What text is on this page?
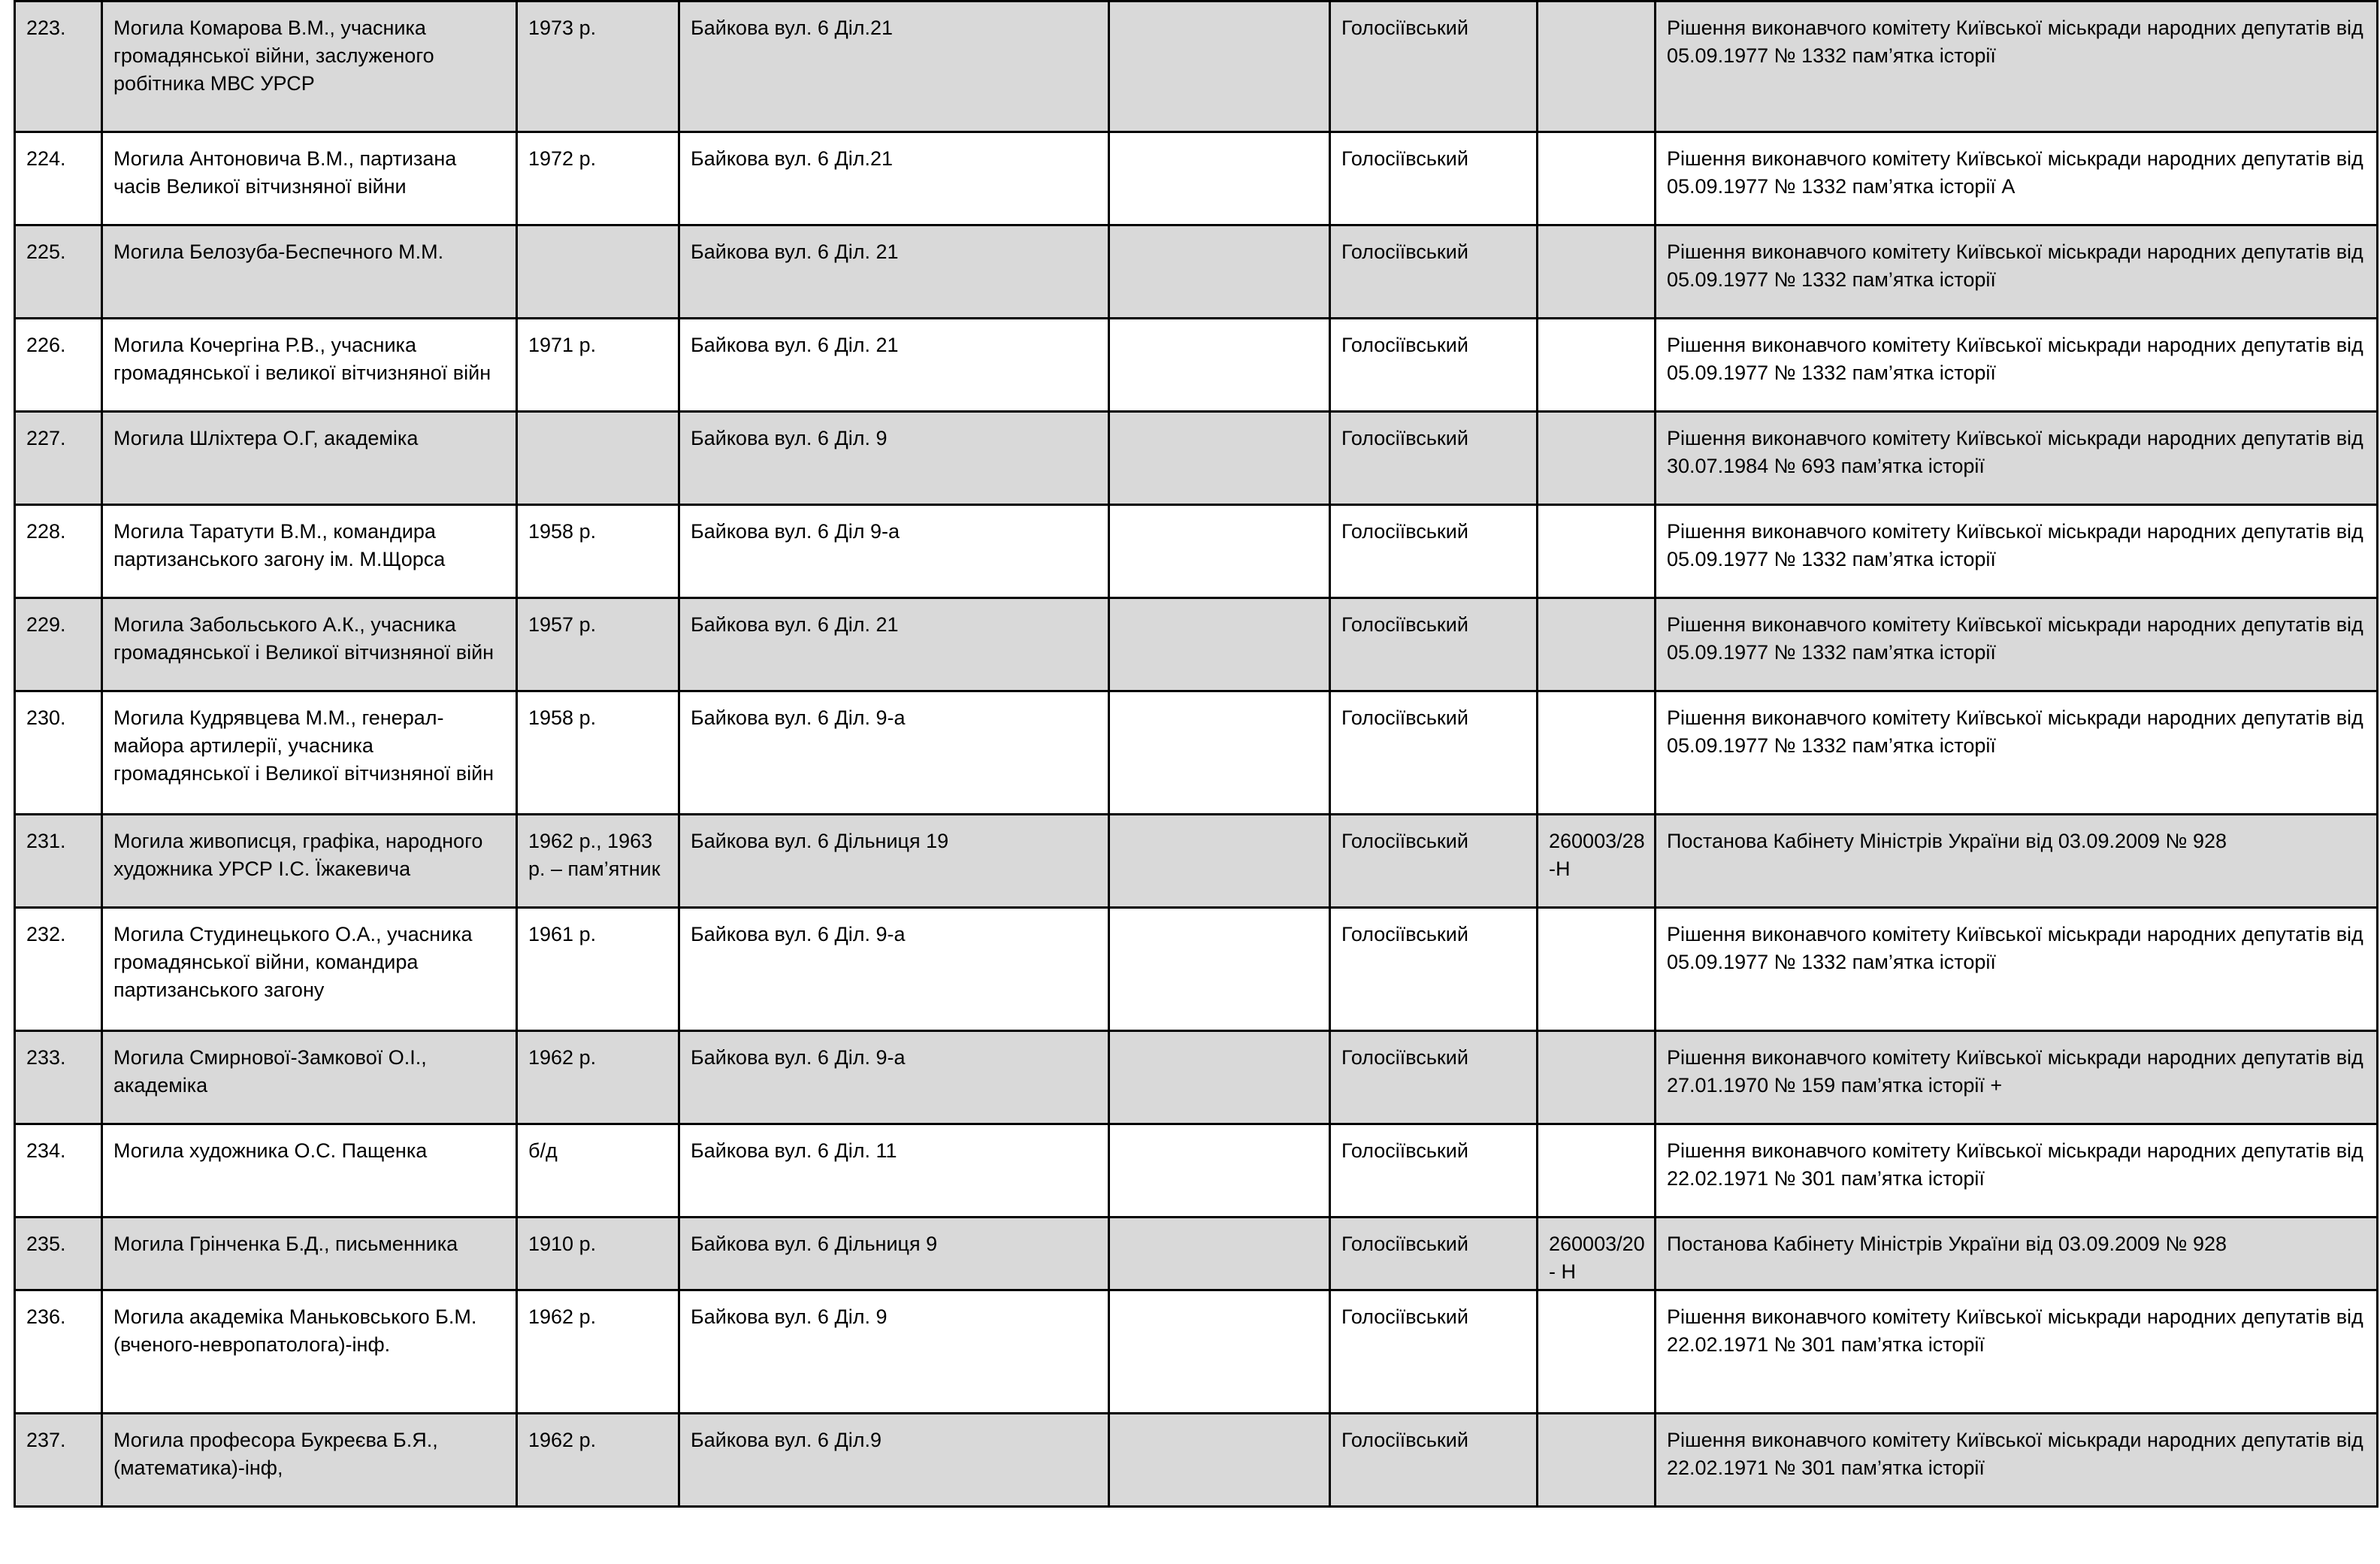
223.	Могила Комарова В.М., учасника громадянської війни, заслуженого робітника МВС УРСР	1973 р.	Байкова вул. 6 Діл.21		Голосіївський		Рішення виконавчого комітету Київської міськради народних депутатів від 05.09.1977 № 1332 пам’ятка історії
224.	Могила Антоновича В.М., партизана часів Великої вітчизняної війни	1972 р.	Байкова вул. 6 Діл.21		Голосіївський		Рішення виконавчого комітету Київської міськради народних депутатів від 05.09.1977 № 1332 пам’ятка історії А
225.	Могила Белозуба-Беспечного М.М.		Байкова вул. 6 Діл. 21		Голосіївський		Рішення виконавчого комітету Київської міськради народних депутатів від 05.09.1977 № 1332 пам’ятка історії
226.	Могила Кочергіна Р.В., учасника громадянської і великої вітчизняної війн	1971 р.	Байкова вул. 6 Діл. 21		Голосіївський		Рішення виконавчого комітету Київської міськради народних депутатів від 05.09.1977 № 1332 пам’ятка історії
227.	Могила Шліхтера О.Г, академіка		Байкова вул. 6 Діл. 9		Голосіївський		Рішення виконавчого комітету Київської міськради народних депутатів від 30.07.1984 № 693 пам’ятка історії
228.	Могила Таратути В.М., командира партизанського загону ім. М.Щорса	1958 р.	Байкова вул. 6 Діл 9-а		Голосіївський		Рішення виконавчого комітету Київської міськради народних депутатів від 05.09.1977 № 1332 пам’ятка історії
229.	Могила Забольського А.К., учасника громадянської і Великої вітчизняної війн	1957 р.	Байкова вул. 6 Діл. 21		Голосіївський		Рішення виконавчого комітету Київської міськради народних депутатів від 05.09.1977 № 1332 пам’ятка історії
230.	Могила Кудрявцева М.М., генерал-майора артилерії, учасника громадянської і Великої вітчизняної війн	1958 р.	Байкова вул. 6 Діл. 9-а		Голосіївський		Рішення виконавчого комітету Київської міськради народних депутатів від 05.09.1977 № 1332 пам’ятка історії
231.	Могила живописця, графіка, народного художника УРСР І.С. Їжакевича	1962 р., 1963 р. – пам’ятник	Байкова вул. 6 Дільниця 19		Голосіївський	260003/28-Н	Постанова Кабінету Міністрів України від 03.09.2009 № 928
232.	Могила Студинецького О.А., учасника громадянської війни, командира партизанського загону	1961 р.	Байкова вул. 6 Діл. 9-а		Голосіївський		Рішення виконавчого комітету Київської міськради народних депутатів від 05.09.1977 № 1332 пам’ятка історії
233.	Могила Смирнової-Замкової О.І., академіка	1962 р.	Байкова вул. 6 Діл. 9-а		Голосіївський		Рішення виконавчого комітету Київської міськради народних депутатів від 27.01.1970 № 159 пам’ятка історії +
234.	Могила художника О.С. Пащенка	б/д	Байкова вул. 6 Діл. 11		Голосіївський		Рішення виконавчого комітету Київської міськради народних депутатів від 22.02.1971 № 301 пам’ятка історії
235.	Могила Грінченка Б.Д., письменника	1910 р.	Байкова вул. 6 Дільниця 9		Голосіївський	260003/20- Н	Постанова Кабінету Міністрів України від 03.09.2009 № 928
236.	Могила академіка Маньковського Б.М. (вченого-невропатолога)-інф.	1962 р.	Байкова вул. 6 Діл. 9		Голосіївський		Рішення виконавчого комітету Київської міськради народних депутатів від 22.02.1971 № 301 пам’ятка історії
237.	Могила професора Букреєва Б.Я., (математика)-інф,	1962 р.	Байкова вул. 6 Діл.9		Голосіївський		Рішення виконавчого комітету Київської міськради народних депутатів від 22.02.1971 № 301 пам’ятка історії
